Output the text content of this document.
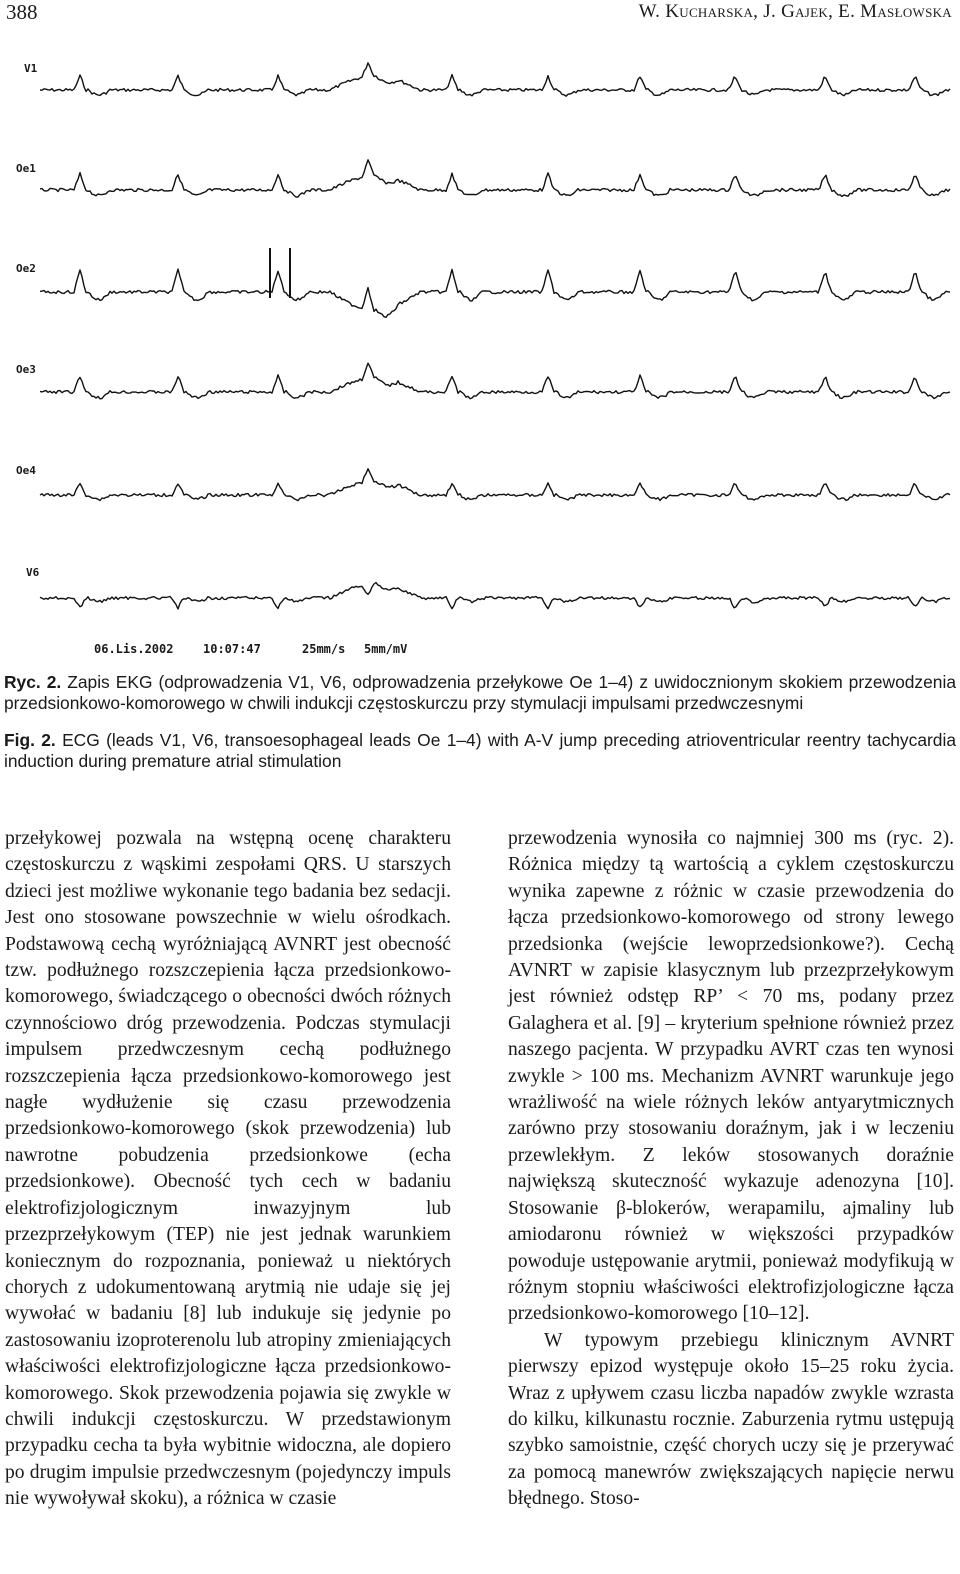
388	W. Kucharska, J. Gajek, E. Masłowska
V1
Oe1
Oe2
Oe3
Oe4
V6
06.Lis.2002 10:07:47	25mm/s 5mm/mV

Ryc. 2. Zapis EKG (odprowadzenia V1, V6, odprowadzenia przełykowe Oe 1–4) z uwidocznionym skokiem przewodzenia przedsionkowo-komorowego w chwili indukcji częstoskurczu przy stymulacji impulsami przedwczesnymi

Fig. 2. ECG (leads V1, V6, transoesophageal leads Oe 1–4) with A-V jump preceding atrioventricular reentry tachycardia induction during premature atrial stimulation

przełykowej pozwala na wstępną ocenę charakteru częstoskurczu z wąskimi zespołami QRS. U starszych dzieci jest możliwe wykonanie tego badania bez sedacji. Jest ono stosowane powszechnie w wielu ośrodkach. Podstawową cechą wyróżniającą AVNRT jest obecność tzw. podłużnego rozszczepienia łącza przedsionkowo-komorowego, świadczącego o obecności dwóch różnych czynnościowo dróg przewodzenia. Podczas stymulacji impulsem przedwczesnym cechą podłużnego rozszczepienia łącza przedsionkowo-komorowego jest nagłe wydłużenie się czasu przewodzenia przedsionkowo-komorowego (skok przewodzenia) lub nawrotne pobudzenia przedsionkowe (echa przedsionkowe). Obecność tych cech w badaniu elektrofizjologicznym inwazyjnym lub przezprzełykowym (TEP) nie jest jednak warunkiem koniecznym do rozpoznania, ponieważ u niektórych chorych z udokumentowaną arytmią nie udaje się jej wywołać w badaniu [8] lub indukuje się jedynie po zastosowaniu izoproterenolu lub atropiny zmieniających właściwości elektrofizjologiczne łącza przedsionkowo-komorowego. Skok przewodzenia pojawia się zwykle w chwili indukcji częstoskurczu. W przedstawionym przypadku cecha ta była wybitnie widoczna, ale dopiero po drugim impulsie przedwczesnym (pojedynczy impuls nie wywoływał skoku), a różnica w czasie

przewodzenia wynosiła co najmniej 300 ms (ryc. 2). Różnica między tą wartością a cyklem częstoskurczu wynika zapewne z różnic w czasie przewodzenia do łącza przedsionkowo-komorowego od strony lewego przedsionka (wejście lewoprzedsionkowe?). Cechą AVNRT w zapisie klasycznym lub przezprzełykowym jest również odstęp RP’ < 70 ms, podany przez Galaghera et al. [9] – kryterium spełnione również przez naszego pacjenta. W przypadku AVRT czas ten wynosi zwykle > 100 ms. Mechanizm AVNRT warunkuje jego wrażliwość na wiele różnych leków antyarytmicznych zarówno przy stosowaniu doraźnym, jak i w leczeniu przewlekłym. Z leków stosowanych doraźnie największą skuteczność wykazuje adenozyna [10]. Stosowanie β-blokerów, werapamilu, ajmaliny lub amiodaronu również w większości przypadków powoduje ustępowanie arytmii, ponieważ modyfikują w różnym stopniu właściwości elektrofizjologiczne łącza przedsionkowo-komorowego [10–12].

W typowym przebiegu klinicznym AVNRT pierwszy epizod występuje około 15–25 roku życia. Wraz z upływem czasu liczba napadów zwykle wzrasta do kilku, kilkunastu rocznie. Zaburzenia rytmu ustępują szybko samoistnie, część chorych uczy się je przerywać za pomocą manewrów zwiększających napięcie nerwu błędnego. Stoso-
